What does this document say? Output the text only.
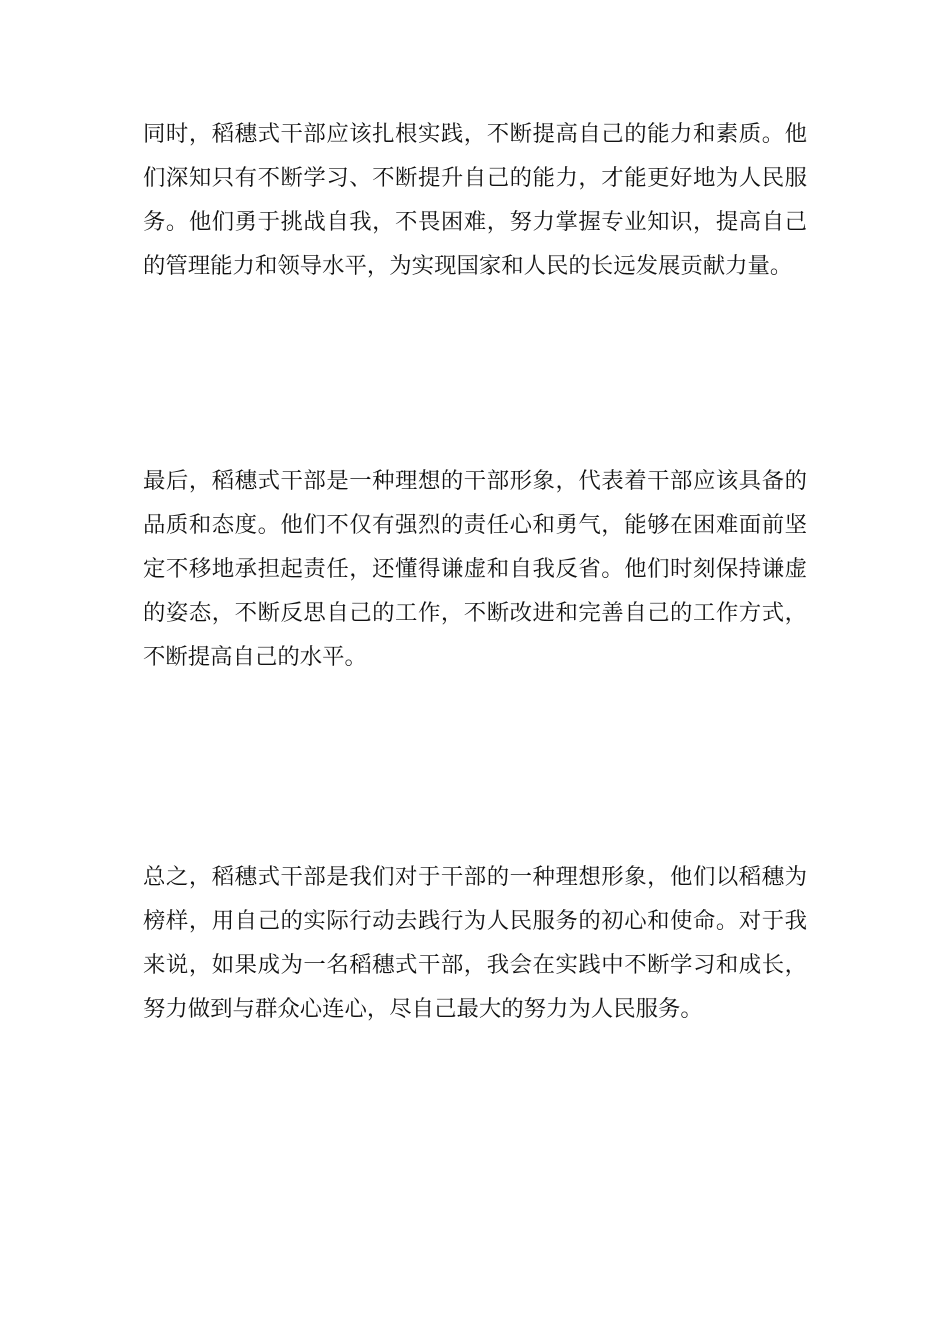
同时，稻穗式干部应该扎根实践，不断提高自己的能力和素质。他们深知只有不断学习、不断提升自己的能力，才能更好地为人民服务。他们勇于挑战自我，不畏困难，努力掌握专业知识，提高自己的管理能力和领导水平，为实现国家和人民的长远发展贡献力量。

最后，稻穗式干部是一种理想的干部形象，代表着干部应该具备的品质和态度。他们不仅有强烈的责任心和勇气，能够在困难面前坚定不移地承担起责任，还懂得谦虚和自我反省。他们时刻保持谦虚的姿态，不断反思自己的工作，不断改进和完善自己的工作方式，不断提高自己的水平。

总之，稻穗式干部是我们对于干部的一种理想形象，他们以稻穗为榜样，用自己的实际行动去践行为人民服务的初心和使命。对于我来说，如果成为一名稻穗式干部，我会在实践中不断学习和成长，努力做到与群众心连心，尽自己最大的努力为人民服务。
